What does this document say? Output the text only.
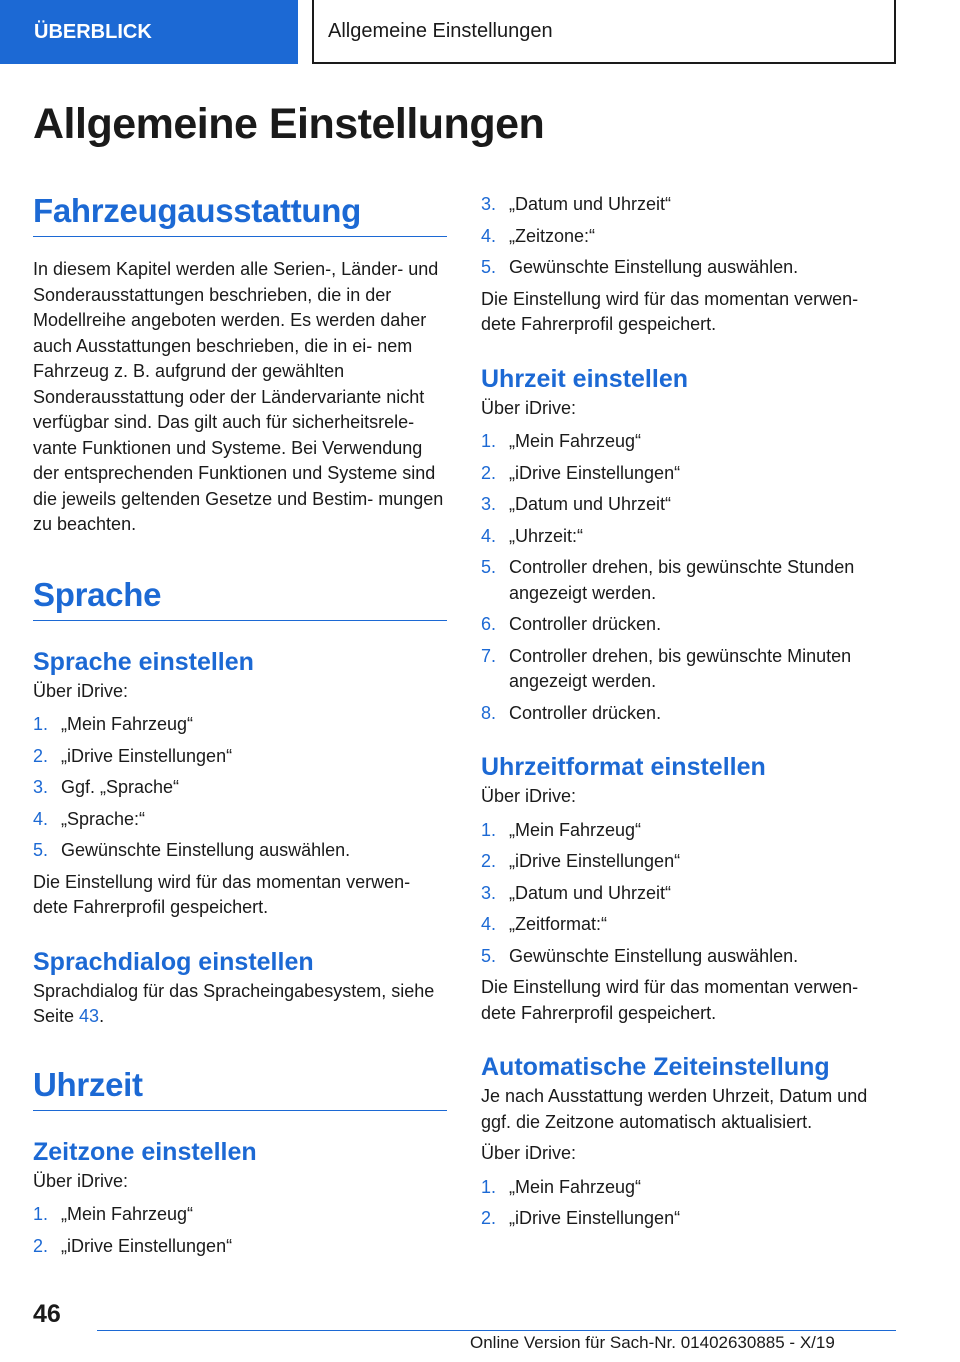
ÜBERBLICK	Allgemeine Einstellungen
Allgemeine Einstellungen
Fahrzeugausstattung

In diesem Kapitel werden alle Serien-, Länder- und Sonderausstattungen beschrieben, die in der Modellreihe angeboten werden. Es werden daher auch Ausstattungen beschrieben, die in ei- nem Fahrzeug z. B. aufgrund der gewählten Sonderausstattung oder der Ländervariante nicht verfügbar sind. Das gilt auch für sicherheitsrele- vante Funktionen und Systeme. Bei Verwendung der entsprechenden Funktionen und Systeme sind die jeweils geltenden Gesetze und Bestim- mungen zu beachten.

Sprache
Sprache einstellen

Über iDrive:

1. „Mein Fahrzeug“
2. „iDrive Einstellungen“
3. Ggf. „Sprache“
4. „Sprache:“
5. Gewünschte Einstellung auswählen.

Die Einstellung wird für das momentan verwen- dete Fahrerprofil gespeichert.

Sprachdialog einstellen

Sprachdialog für das Spracheingabesystem, siehe Seite 43.

Uhrzeit
Zeitzone einstellen

Über iDrive:

1. „Mein Fahrzeug“
2. „iDrive Einstellungen“
3. „Datum und Uhrzeit“
4. „Zeitzone:“
5. Gewünschte Einstellung auswählen.

Die Einstellung wird für das momentan verwen- dete Fahrerprofil gespeichert.

Uhrzeit einstellen

Über iDrive:

1. „Mein Fahrzeug“
2. „iDrive Einstellungen“
3. „Datum und Uhrzeit“
4. „Uhrzeit:“
5. Controller drehen, bis gewünschte Stunden angezeigt werden.
6. Controller drücken.
7. Controller drehen, bis gewünschte Minuten angezeigt werden.
8. Controller drücken.
Uhrzeitformat einstellen

Über iDrive:

1. „Mein Fahrzeug“
2. „iDrive Einstellungen“
3. „Datum und Uhrzeit“
4. „Zeitformat:“
5. Gewünschte Einstellung auswählen.

Die Einstellung wird für das momentan verwen- dete Fahrerprofil gespeichert.

Automatische Zeiteinstellung

Je nach Ausstattung werden Uhrzeit, Datum und ggf. die Zeitzone automatisch aktualisiert.

Über iDrive:

1. „Mein Fahrzeug“
2. „iDrive Einstellungen“
46
Online Version für Sach-Nr. 01402630885 - X/19
